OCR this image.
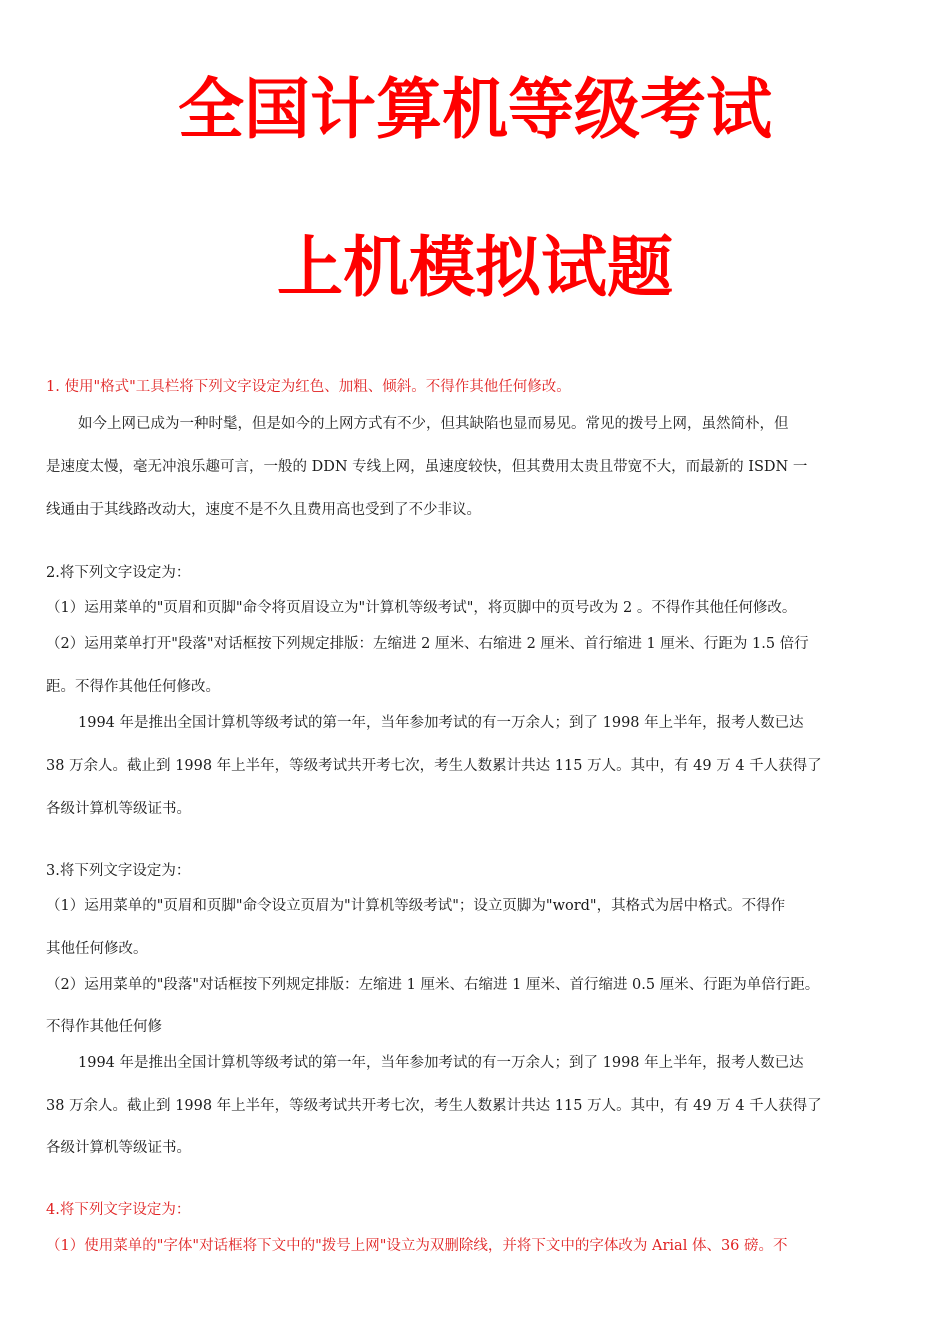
全国计算机等级考试
上机模拟试题
1. 使用"格式"工具栏将下列文字设定为红色、加粗、倾斜。不得作其他任何修改。
如今上网已成为一种时髦，但是如今的上网方式有不少，但其缺陷也显而易见。常见的拨号上网，虽然简朴，但
是速度太慢，毫无冲浪乐趣可言，一般的 DDN 专线上网，虽速度较快，但其费用太贵且带宽不大，而最新的 ISDN 一
线通由于其线路改动大，速度不是不久且费用高也受到了不少非议。
2.将下列文字设定为：
（1）运用菜单的"页眉和页脚"命令将页眉设立为"计算机等级考试"，将页脚中的页号改为 2 。不得作其他任何修改。
（2）运用菜单打开"段落"对话框按下列规定排版：左缩进 2 厘米、右缩进 2 厘米、首行缩进 1 厘米、行距为 1.5 倍行
距。不得作其他任何修改。
1994 年是推出全国计算机等级考试的第一年，当年参加考试的有一万余人；到了 1998 年上半年，报考人数已达
38 万余人。截止到 1998 年上半年，等级考试共开考七次，考生人数累计共达 115 万人。其中，有 49 万 4 千人获得了
各级计算机等级证书。
3.将下列文字设定为：
（1）运用菜单的"页眉和页脚"命令设立页眉为"计算机等级考试"；设立页脚为"word"，其格式为居中格式。不得作
其他任何修改。
（2）运用菜单的"段落"对话框按下列规定排版：左缩进 1 厘米、右缩进 1 厘米、首行缩进 0.5 厘米、行距为单倍行距。
不得作其他任何修
1994 年是推出全国计算机等级考试的第一年，当年参加考试的有一万余人；到了 1998 年上半年，报考人数已达
38 万余人。截止到 1998 年上半年，等级考试共开考七次，考生人数累计共达 115 万人。其中，有 49 万 4 千人获得了
各级计算机等级证书。
4.将下列文字设定为：
（1）使用菜单的"字体"对话框将下文中的"拨号上网"设立为双删除线，并将下文中的字体改为 Arial 体、36 磅。不
